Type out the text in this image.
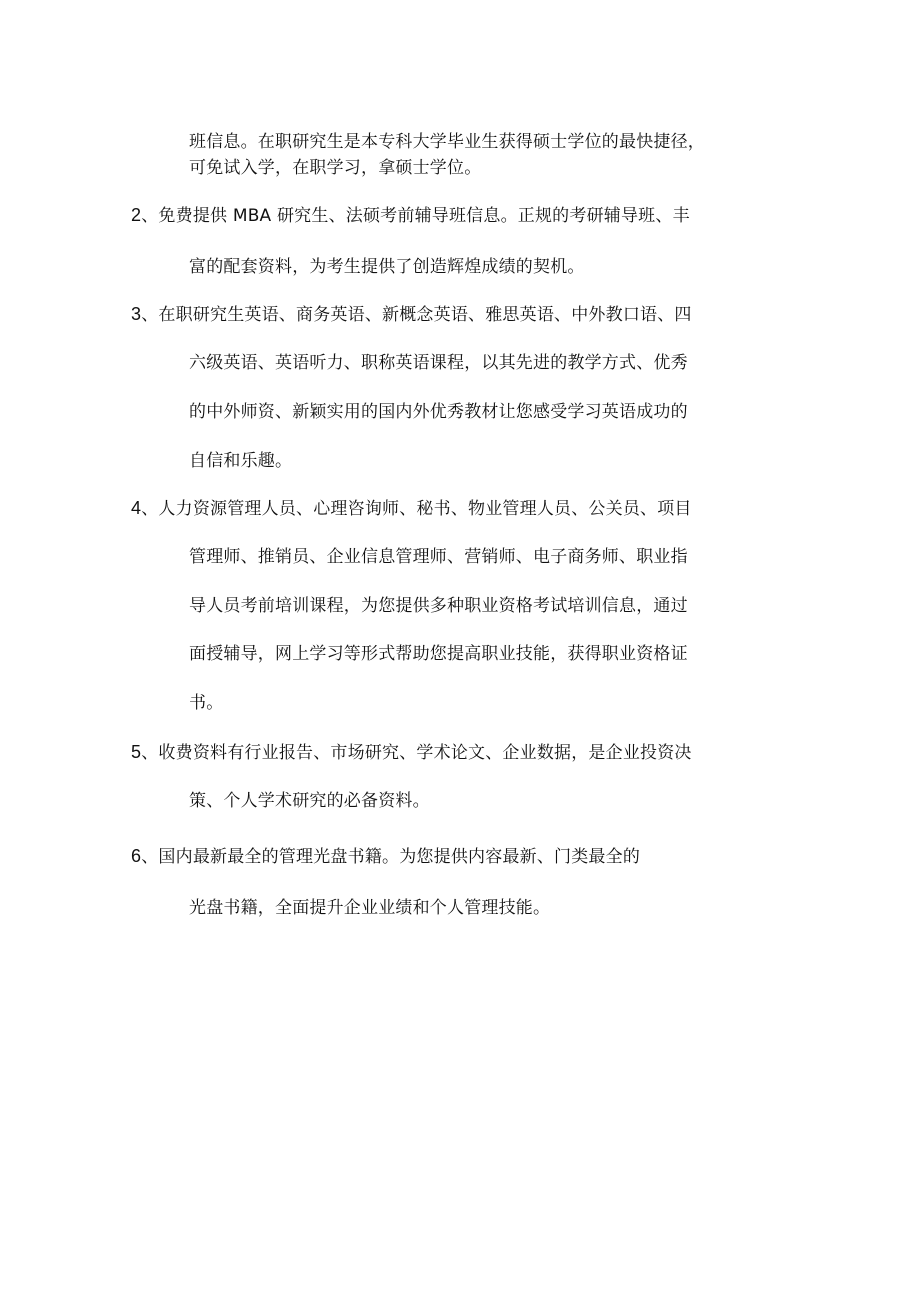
班信息。在职研究生是本专科大学毕业生获得硕士学位的最快捷径，
可免试入学，在职学习，拿硕士学位。
2、免费提供 MBA 研究生、法硕考前辅导班信息。正规的考研辅导班、丰
富的配套资料，为考生提供了创造辉煌成绩的契机。
3、在职研究生英语、商务英语、新概念英语、雅思英语、中外教口语、四
六级英语、英语听力、职称英语课程，以其先进的教学方式、优秀
的中外师资、新颖实用的国内外优秀教材让您感受学习英语成功的
自信和乐趣。
4、人力资源管理人员、心理咨询师、秘书、物业管理人员、公关员、项目
管理师、推销员、企业信息管理师、营销师、电子商务师、职业指
导人员考前培训课程，为您提供多种职业资格考试培训信息，通过
面授辅导，网上学习等形式帮助您提高职业技能，获得职业资格证
书。
5、收费资料有行业报告、市场研究、学术论文、企业数据，是企业投资决
策、个人学术研究的必备资料。
6、国内最新最全的管理光盘书籍。为您提供内容最新、门类最全的
光盘书籍，全面提升企业业绩和个人管理技能。
